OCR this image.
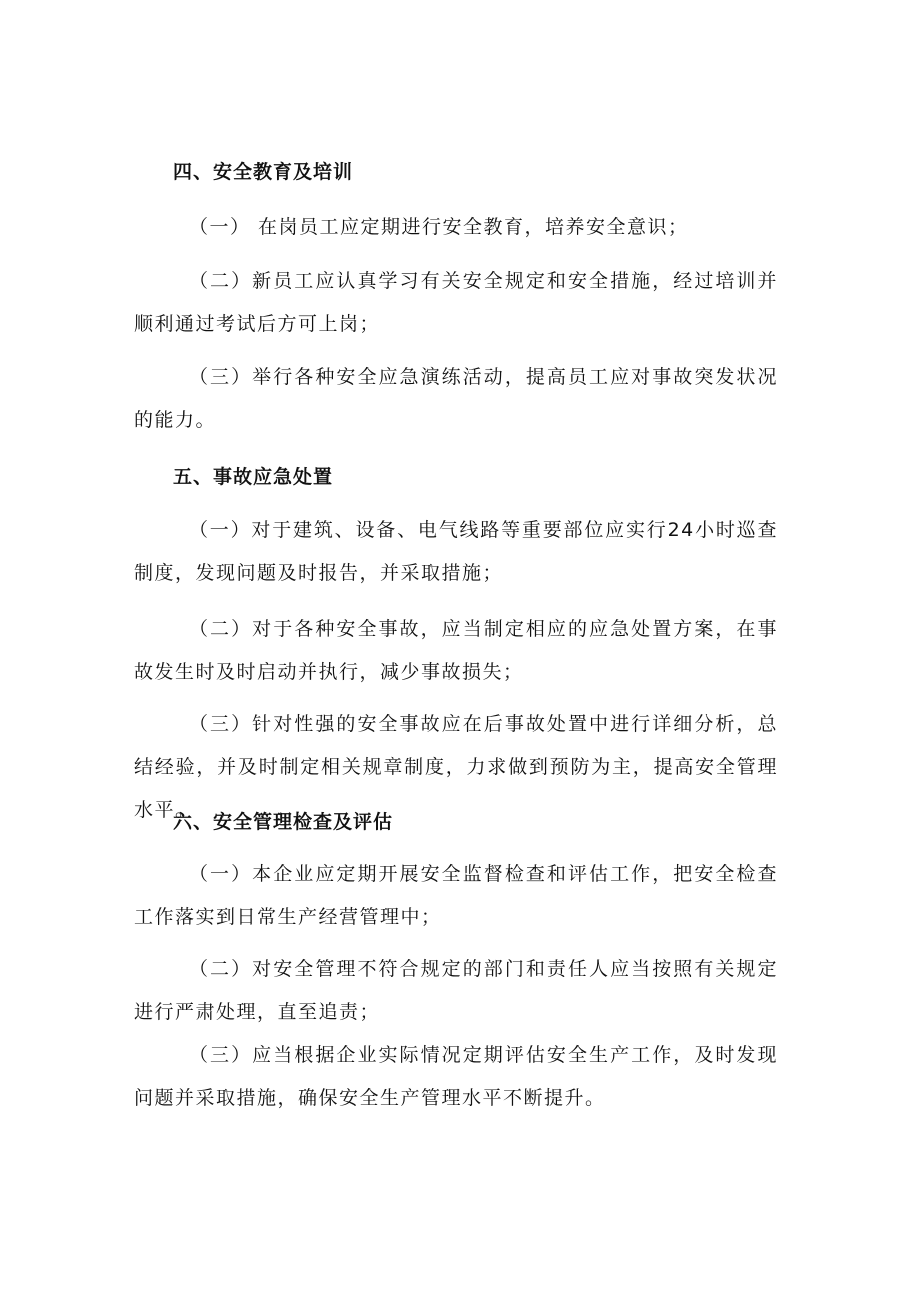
四、安全教育及培训

（一） 在岗员工应定期进行安全教育，培养安全意识；

（二）新员工应认真学习有关安全规定和安全措施，经过培训并顺利通过考试后方可上岗；

（三）举行各种安全应急演练活动，提高员工应对事故突发状况的能力。

五、事故应急处置

（一）对于建筑、设备、电气线路等重要部位应实行24小时巡查制度，发现问题及时报告，并采取措施；

（二）对于各种安全事故，应当制定相应的应急处置方案，在事故发生时及时启动并执行，减少事故损失；

（三）针对性强的安全事故应在后事故处置中进行详细分析，总结经验，并及时制定相关规章制度，力求做到预防为主，提高安全管理水平。

六、安全管理检查及评估

（一）本企业应定期开展安全监督检查和评估工作，把安全检查工作落实到日常生产经营管理中；

（二）对安全管理不符合规定的部门和责任人应当按照有关规定进行严肃处理，直至追责；

（三）应当根据企业实际情况定期评估安全生产工作，及时发现问题并采取措施，确保安全生产管理水平不断提升。
